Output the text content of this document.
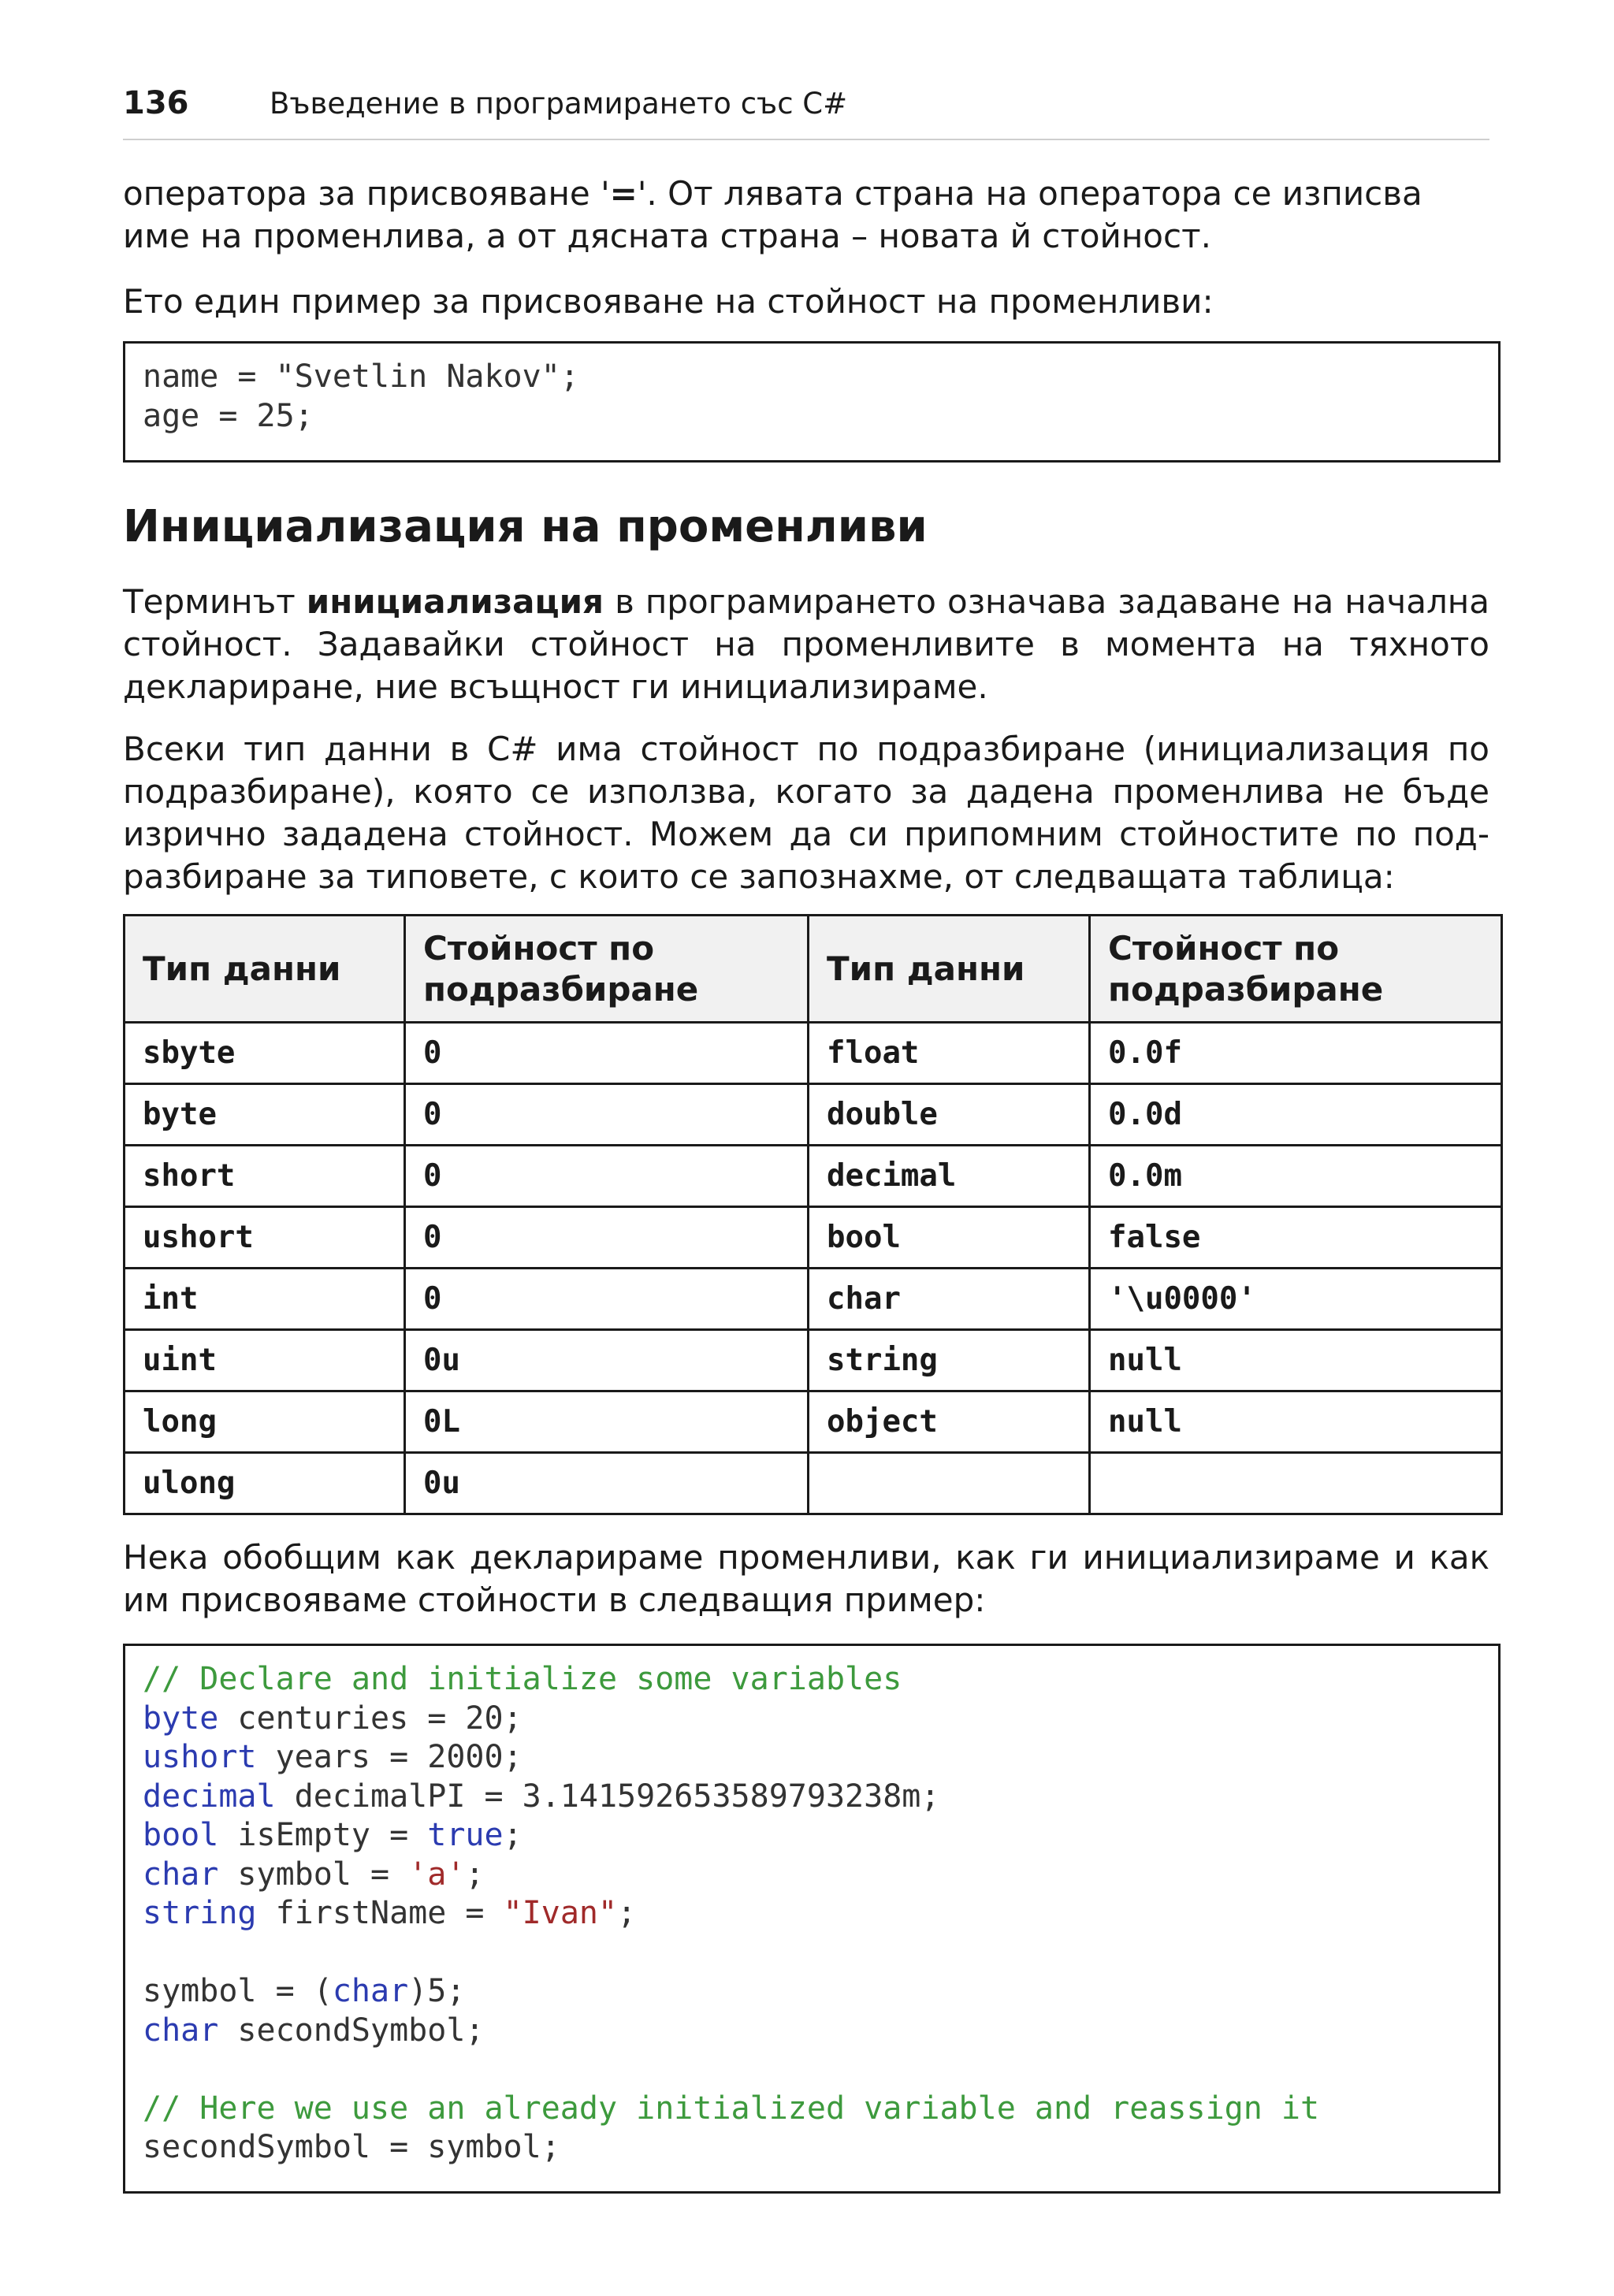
136	Въведение в програмирането със C#

оператора за присвояване '='. От лявата страна на оператора се изписва
име на променлива, а от дясната страна – новата й стойност.

Ето един пример за присвояване на стойност на променливи:

name = "Svetlin Nakov";
age = 25;
Инициализация на променливи

Терминът инициализация в програмирането означава задаване на начална стойност. Задавайки стойност на променливите в момента на тяхното деклариране, ние всъщност ги инициализираме.

Всеки тип данни в C# има стойност по подразбиране (инициализация по подразбиране), която се използва, когато за дадена променлива не бъде изрично зададена стойност. Можем да си припомним стойностите по под-разбиране за типовете, с които се запознахме, от следващата таблица:

Тип данни	Стойност по подразбиране	Тип данни	Стойност по подразбиране
sbyte	0	float	0.0f
byte	0	double	0.0d
short	0	decimal	0.0m
ushort	0	bool	false
int	0	char	'\u0000'
uint	0u	string	null
long	0L	object	null
ulong	0u		

Нека обобщим как декларираме променливи, как ги инициализираме и как им присвояваме стойности в следващия пример:

// Declare and initialize some variables
byte centuries = 20;
ushort years = 2000;
decimal decimalPI = 3.141592653589793238m;
bool isEmpty = true;
char symbol = 'a';
string firstName = "Ivan";
symbol = (char)5;
char secondSymbol;
// Here we use an already initialized variable and reassign it
secondSymbol = symbol;
